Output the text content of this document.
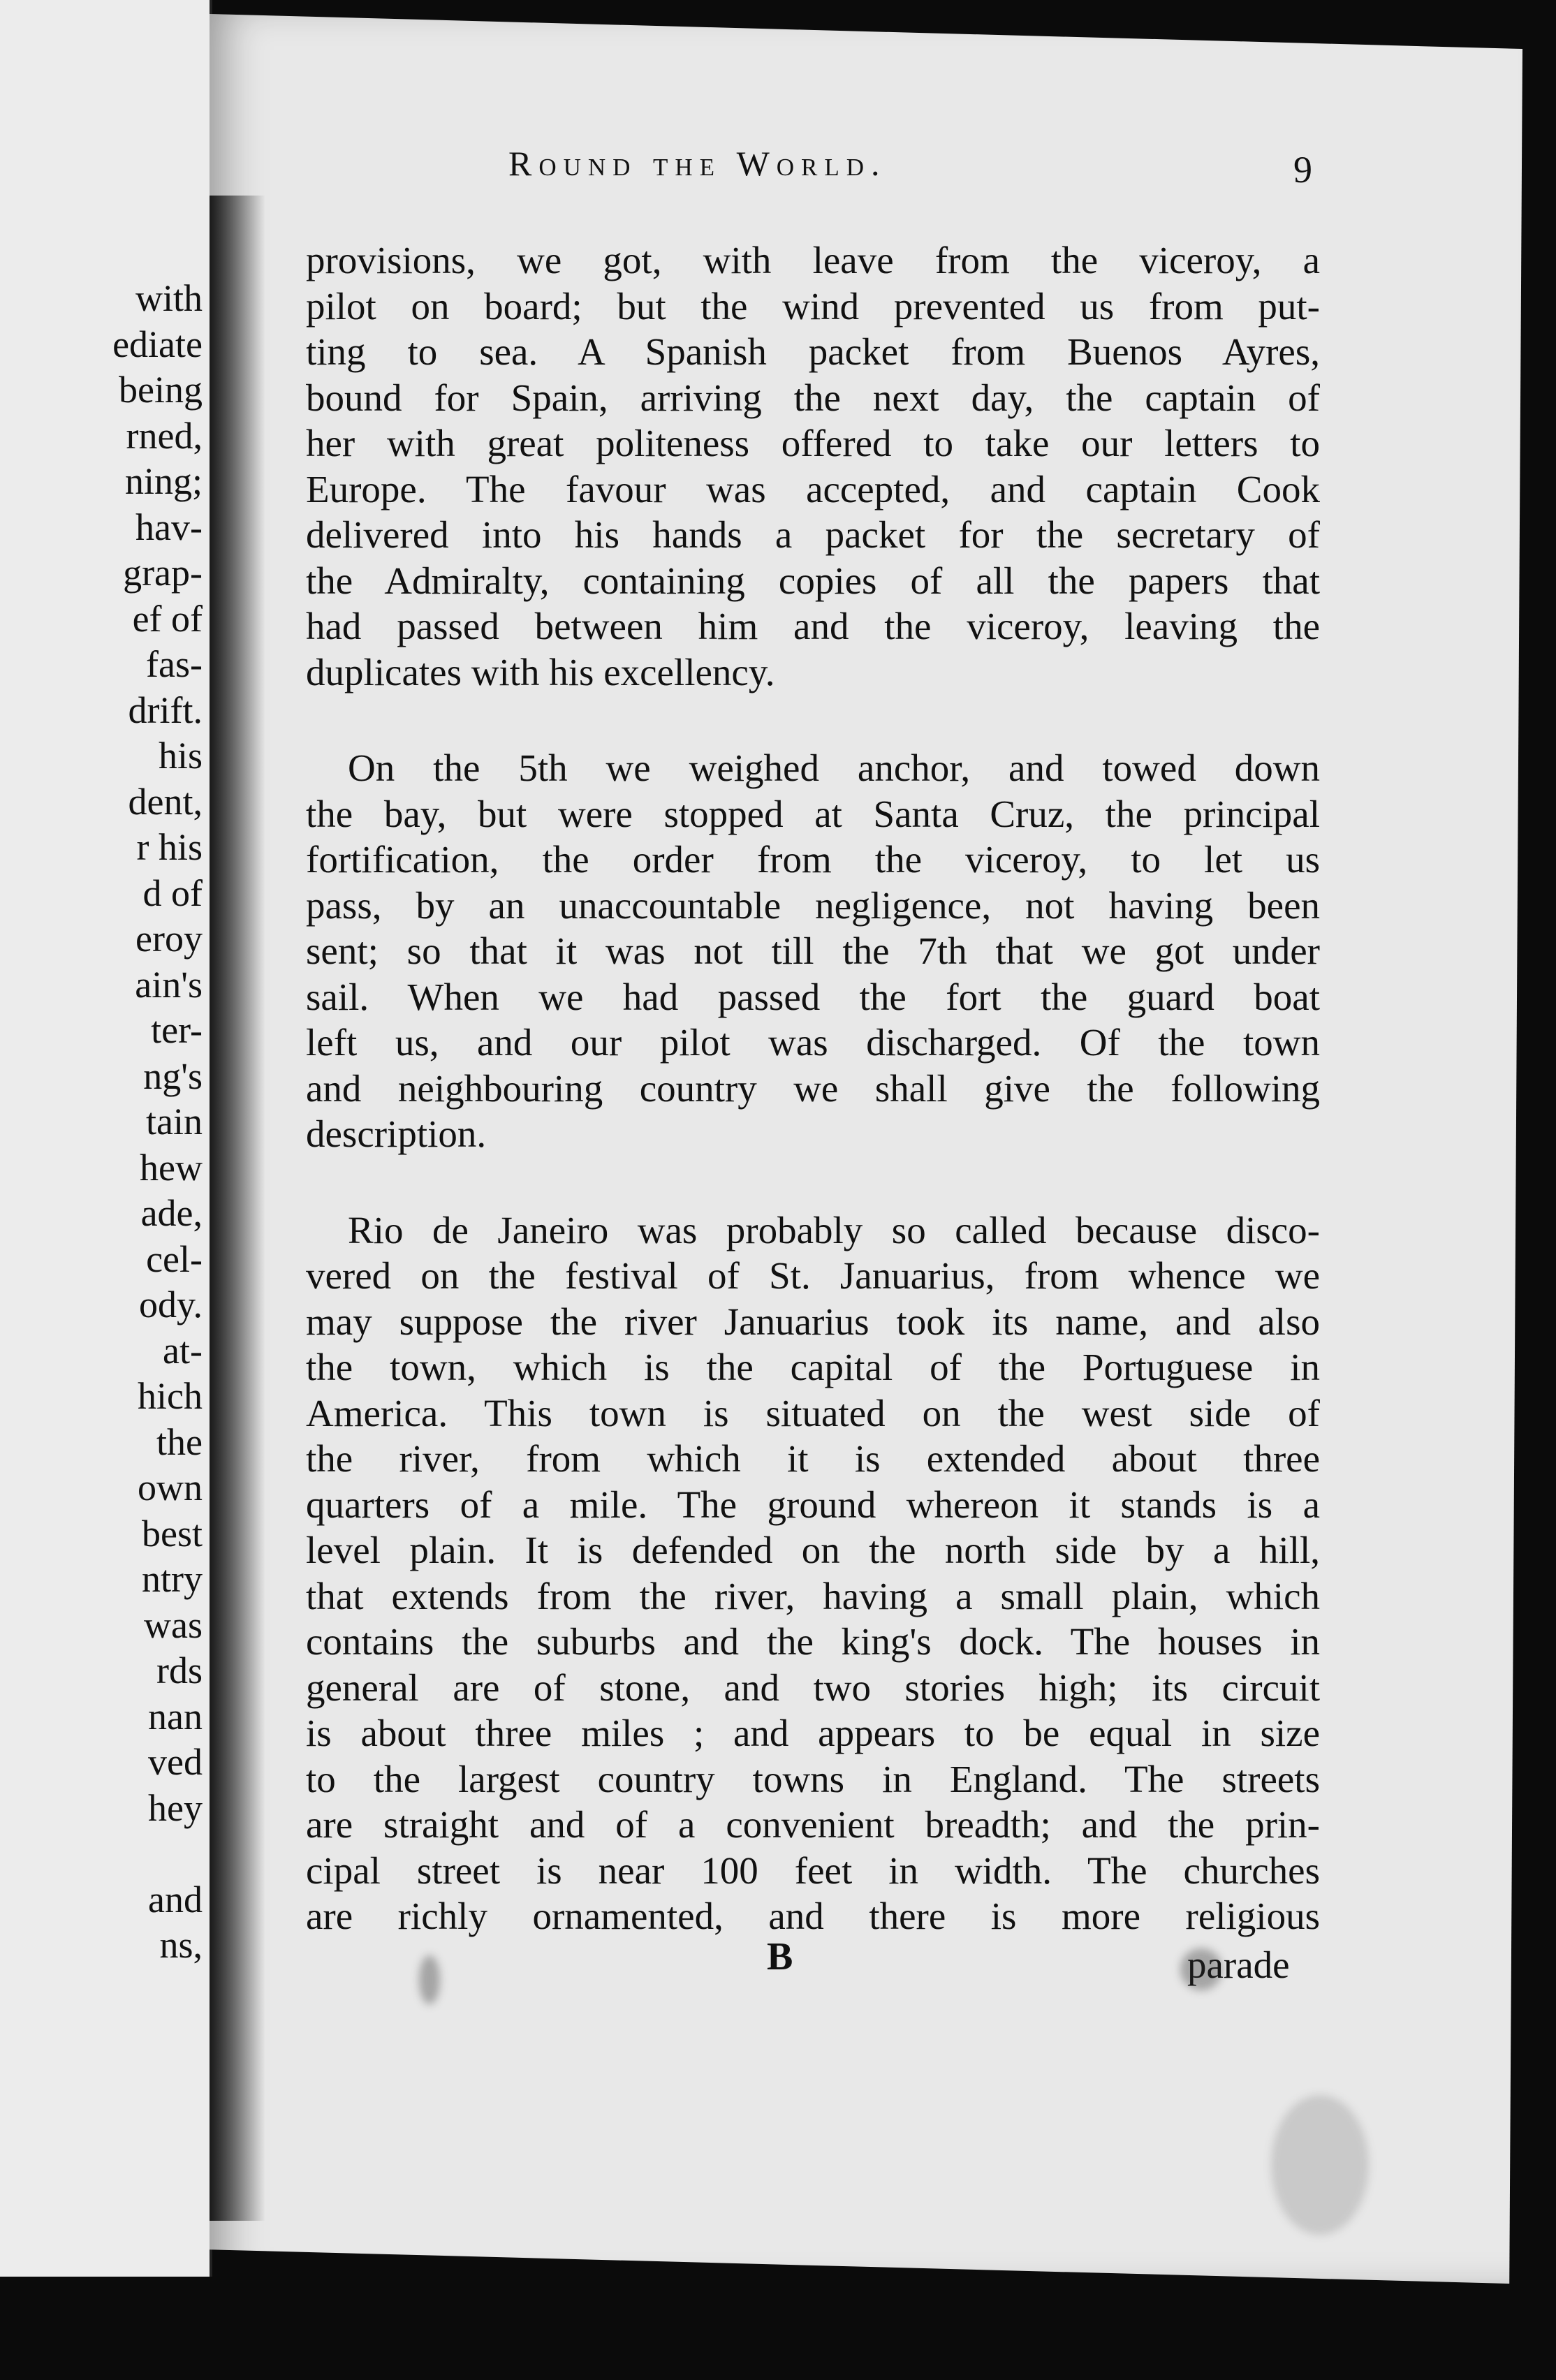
with
ediate
being
rned,
ning;
hav-
grap-
ef of
fas-
drift.
his
dent,
r his
d of
eroy
ain's
ter-
ng's
tain
hew
ade,
cel-
ody.
at-
hich
the
own
best
ntry
was
rds
nan
ved
hey

and
ns,
Round the World.	9
provisions, we got, with leave from the viceroy, a
pilot on board; but the wind prevented us from put-
ting to sea. A Spanish packet from Buenos Ayres,
bound for Spain, arriving the next day, the captain of
her with great politeness offered to take our letters to
Europe. The favour was accepted, and captain Cook
delivered into his hands a packet for the secretary of
the Admiralty, containing copies of all the papers that
had passed between him and the viceroy, leaving the
duplicates with his excellency.
On the 5th we weighed anchor, and towed down
the bay, but were stopped at Santa Cruz, the principal
fortification, the order from the viceroy, to let us
pass, by an unaccountable negligence, not having been
sent; so that it was not till the 7th that we got under
sail. When we had passed the fort the guard boat
left us, and our pilot was discharged. Of the town
and neighbouring country we shall give the following
description.
Rio de Janeiro was probably so called because disco-
vered on the festival of St. Januarius, from whence we
may suppose the river Januarius took its name, and also
the town, which is the capital of the Portuguese in
America. This town is situated on the west side of
the river, from which it is extended about three
quarters of a mile. The ground whereon it stands is a
level plain. It is defended on the north side by a hill,
that extends from the river, having a small plain, which
contains the suburbs and the king's dock. The houses in
general are of stone, and two stories high; its circuit
is about three miles ; and appears to be equal in size
to the largest country towns in England. The streets
are straight and of a convenient breadth; and the prin-
cipal street is near 100 feet in width. The churches
are richly ornamented, and there is more religious
B	parade
